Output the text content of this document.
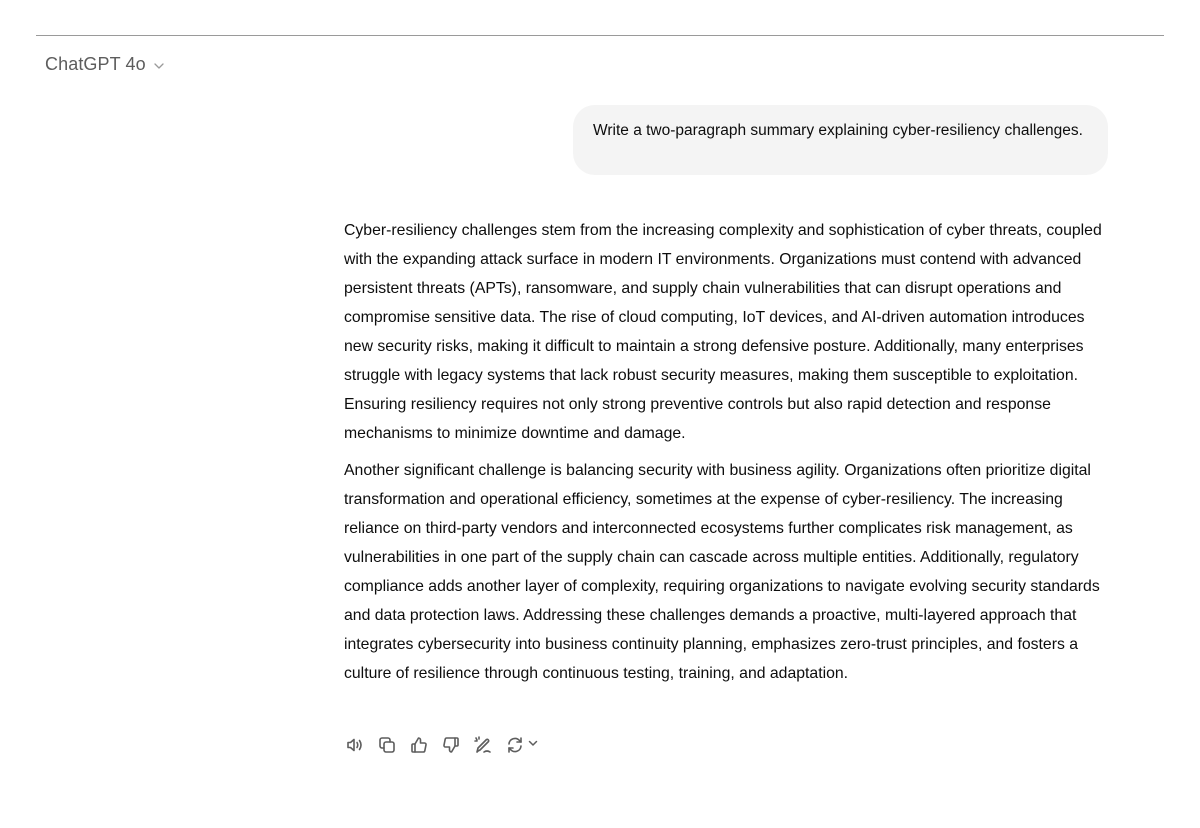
ChatGPT 4o
Write a two-paragraph summary explaining cyber-resiliency challenges.

Cyber-resiliency challenges stem from the increasing complexity and sophistication of cyber threats, coupled with the expanding attack surface in modern IT environments. Organizations must contend with advanced persistent threats (APTs), ransomware, and supply chain vulnerabilities that can disrupt operations and compromise sensitive data. The rise of cloud computing, IoT devices, and AI-driven automation introduces new security risks, making it difficult to maintain a strong defensive posture. Additionally, many enterprises struggle with legacy systems that lack robust security measures, making them susceptible to exploitation. Ensuring resiliency requires not only strong preventive controls but also rapid detection and response mechanisms to minimize downtime and damage.

Another significant challenge is balancing security with business agility. Organizations often prioritize digital transformation and operational efficiency, sometimes at the expense of cyber-resiliency. The increasing reliance on third-party vendors and interconnected ecosystems further complicates risk management, as vulnerabilities in one part of the supply chain can cascade across multiple entities. Additionally, regulatory compliance adds another layer of complexity, requiring organizations to navigate evolving security standards and data protection laws. Addressing these challenges demands a proactive, multi-layered approach that integrates cybersecurity into business continuity planning, emphasizes zero-trust principles, and fosters a culture of resilience through continuous testing, training, and adaptation.
